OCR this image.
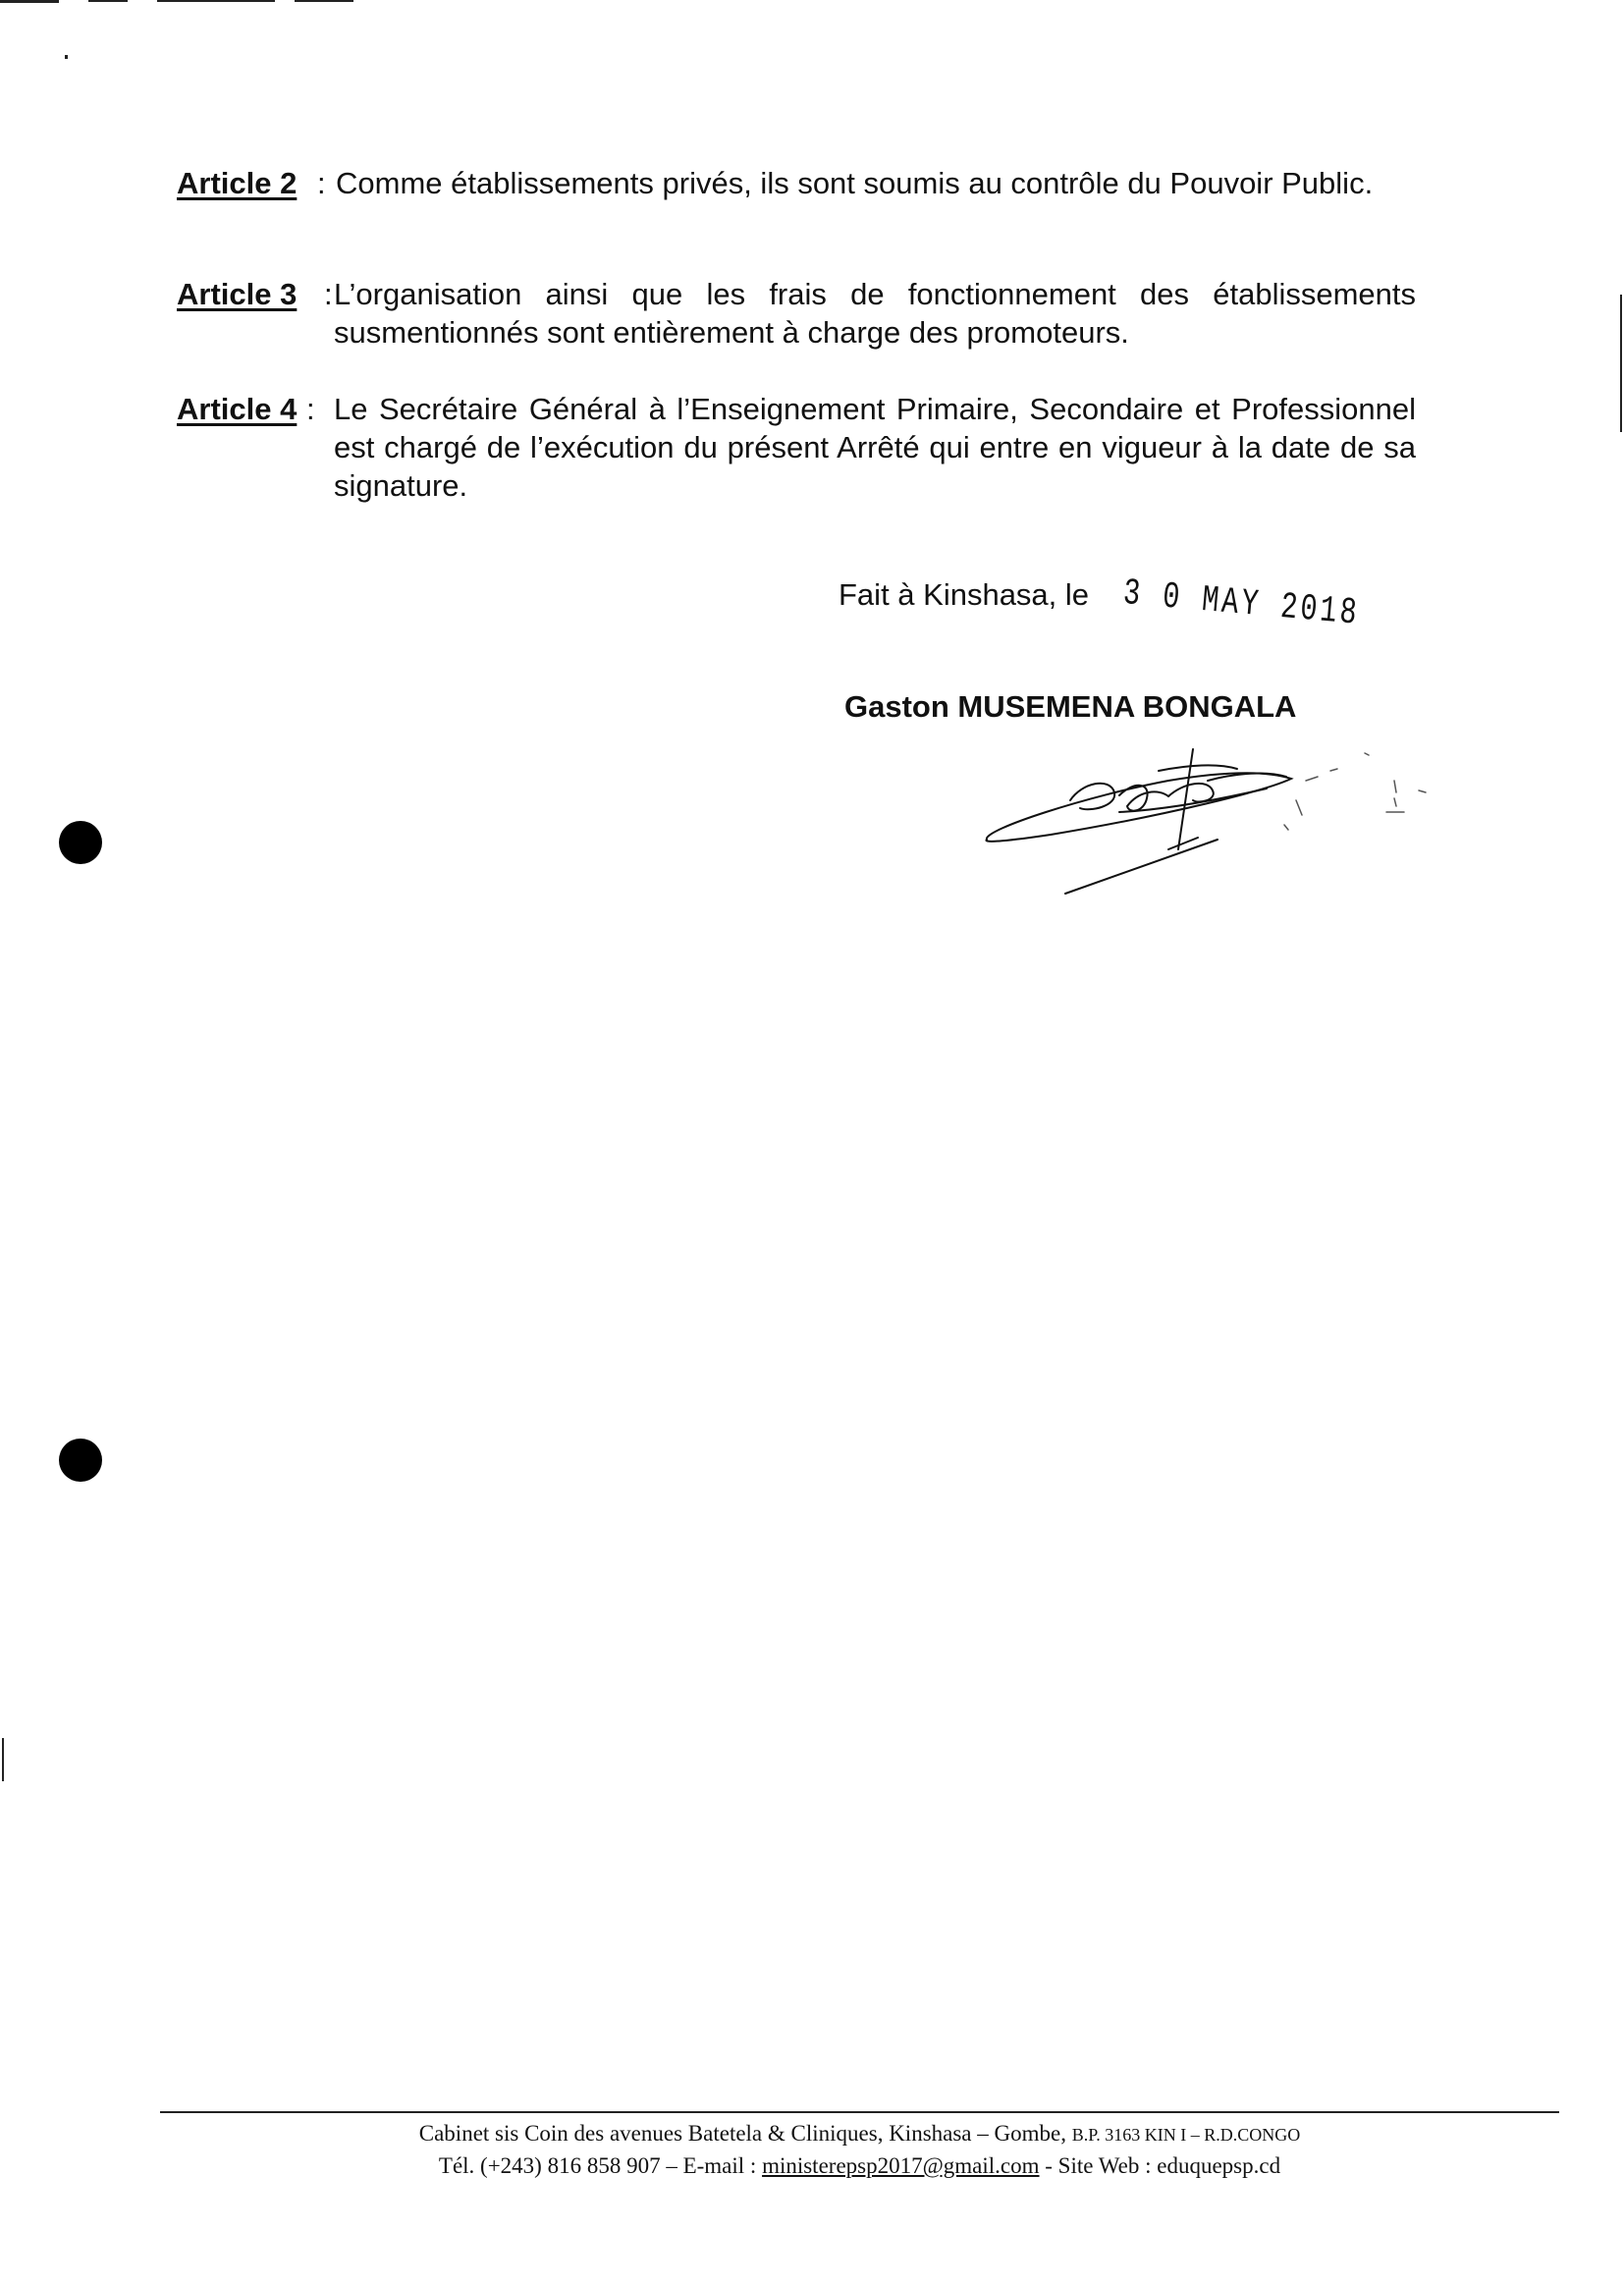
Article 2 : Comme établissements privés, ils sont soumis au contrôle du Pouvoir Public.
Article 3 : L’organisation ainsi que les frais de fonctionnement des établissements susmentionnés sont entièrement à charge des promoteurs.
Article 4 : Le Secrétaire Général à l’Enseignement Primaire, Secondaire et Professionnel est chargé de l’exécution du présent Arrêté qui entre en vigueur à la date de sa signature.
Fait à Kinshasa, le 3 0 MAY 2018
Gaston MUSEMENA BONGALA
Cabinet sis Coin des avenues Batetela & Cliniques, Kinshasa – Gombe, B.P. 3163 KIN I – R.D.CONGO
Tél. (+243) 816 858 907 – E-mail : ministerepsp2017@gmail.com - Site Web : eduquepsp.cd
